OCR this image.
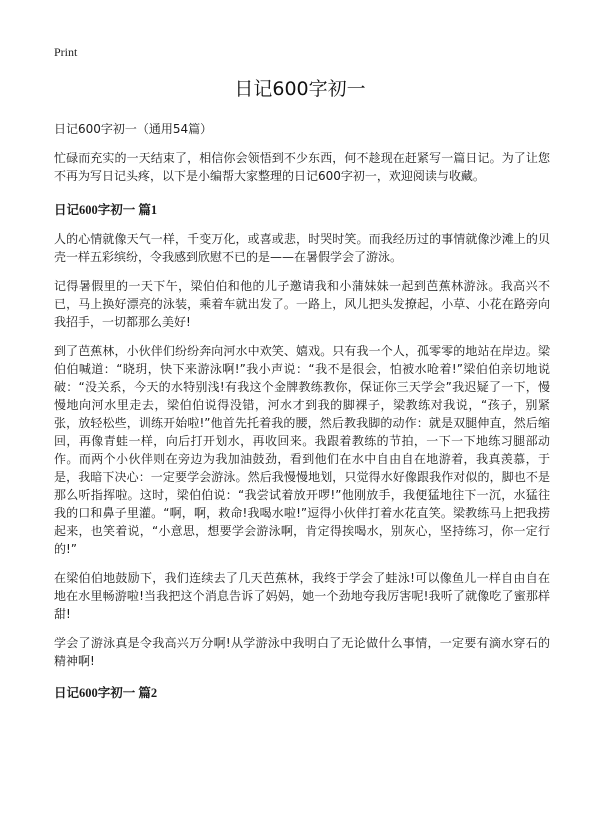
Print
日记600字初一
日记600字初一（通用54篇）

忙碌而充实的一天结束了，相信你会领悟到不少东西，何不趁现在赶紧写一篇日记。为了让您不再为写日记头疼，以下是小编帮大家整理的日记600字初一，欢迎阅读与收藏。

日记600字初一 篇1

人的心情就像天气一样，千变万化，或喜或悲，时哭时笑。而我经历过的事情就像沙滩上的贝壳一样五彩缤纷，令我感到欣慰不已的是——在暑假学会了游泳。

记得暑假里的一天下午，梁伯伯和他的儿子邀请我和小蒲妹妹一起到芭蕉林游泳。我高兴不已，马上换好漂亮的泳装，乘着车就出发了。一路上，风儿把头发撩起，小草、小花在路旁向我招手，一切都那么美好!

到了芭蕉林，小伙伴们纷纷奔向河水中欢笑、嬉戏。只有我一个人，孤零零的地站在岸边。梁伯伯喊道：“晓玥，快下来游泳啊!”我小声说：“我不是很会，怕被水呛着!”梁伯伯亲切地说破：“没关系，今天的水特别浅!有我这个金牌教练教你，保证你三天学会”我迟疑了一下，慢慢地向河水里走去，梁伯伯说得没错，河水才到我的脚裸子，梁教练对我说，“孩子，别紧张，放轻松些，训练开始啦!”他首先托着我的腰，然后教我脚的动作：就是双腿伸直，然后缩回，再像青蛙一样，向后打开划水，再收回来。我跟着教练的节拍，一下一下地练习腿部动作。而两个小伙伴则在旁边为我加油鼓劲，看到他们在水中自由自在地游着，我真羡慕，于是，我暗下决心：一定要学会游泳。然后我慢慢地划，只觉得水好像跟我作对似的，脚也不是那么听指挥啦。这时，梁伯伯说：“我尝试着放开啰!”他刚放手，我便猛地往下一沉，水猛往我的口和鼻子里灌。“啊，啊，救命!我喝水啦!”逗得小伙伴打着水花直笑。梁教练马上把我捞起来，也笑着说，“小意思，想要学会游泳啊，肯定得挨喝水，别灰心，坚持练习，你一定行的!”

在梁伯伯地鼓励下，我们连续去了几天芭蕉林，我终于学会了蛙泳!可以像鱼儿一样自由自在地在水里畅游啦!当我把这个消息告诉了妈妈，她一个劲地夸我厉害呢!我听了就像吃了蜜那样甜!

学会了游泳真是令我高兴万分啊!从学游泳中我明白了无论做什么事情，一定要有滴水穿石的精神啊!

日记600字初一 篇2
